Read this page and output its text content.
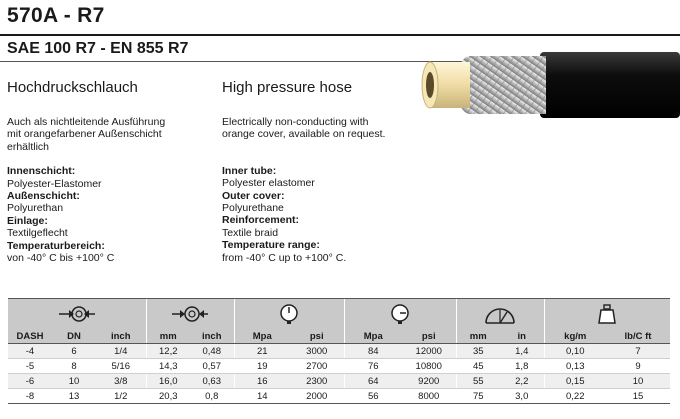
570A - R7
SAE 100 R7 - EN 855 R7
Hochdruckschlauch	High pressure hose

Auch als nichtleitende Ausführung

mit orangefarbener Außenschicht

erhältlich

Innenschicht:

Polyester-Elastomer

Außenschicht:

Polyurethan

Einlage:

Textilgeflecht

Temperaturbereich:

von -40° C bis +100° C

Electrically non-conducting with

orange cover, available on request.

Inner tube:

Polyester elastomer

Outer cover:

Polyurethane

Reinforcement:

Textile braid

Temperature range:

from -40° C up to +100° C.

DASH	DN	inch	mm	inch	Mpa	psi	Mpa	psi	mm	in	kg/m	lb/C ft
-4	6	1/4	12,2	0,48	21	3000	84	12000	35	1,4	0,10	7
-5	8	5/16	14,3	0,57	19	2700	76	10800	45	1,8	0,13	9
-6	10	3/8	16,0	0,63	16	2300	64	9200	55	2,2	0,15	10
-8	13	1/2	20,3	0,8	14	2000	56	8000	75	3,0	0,22	15
